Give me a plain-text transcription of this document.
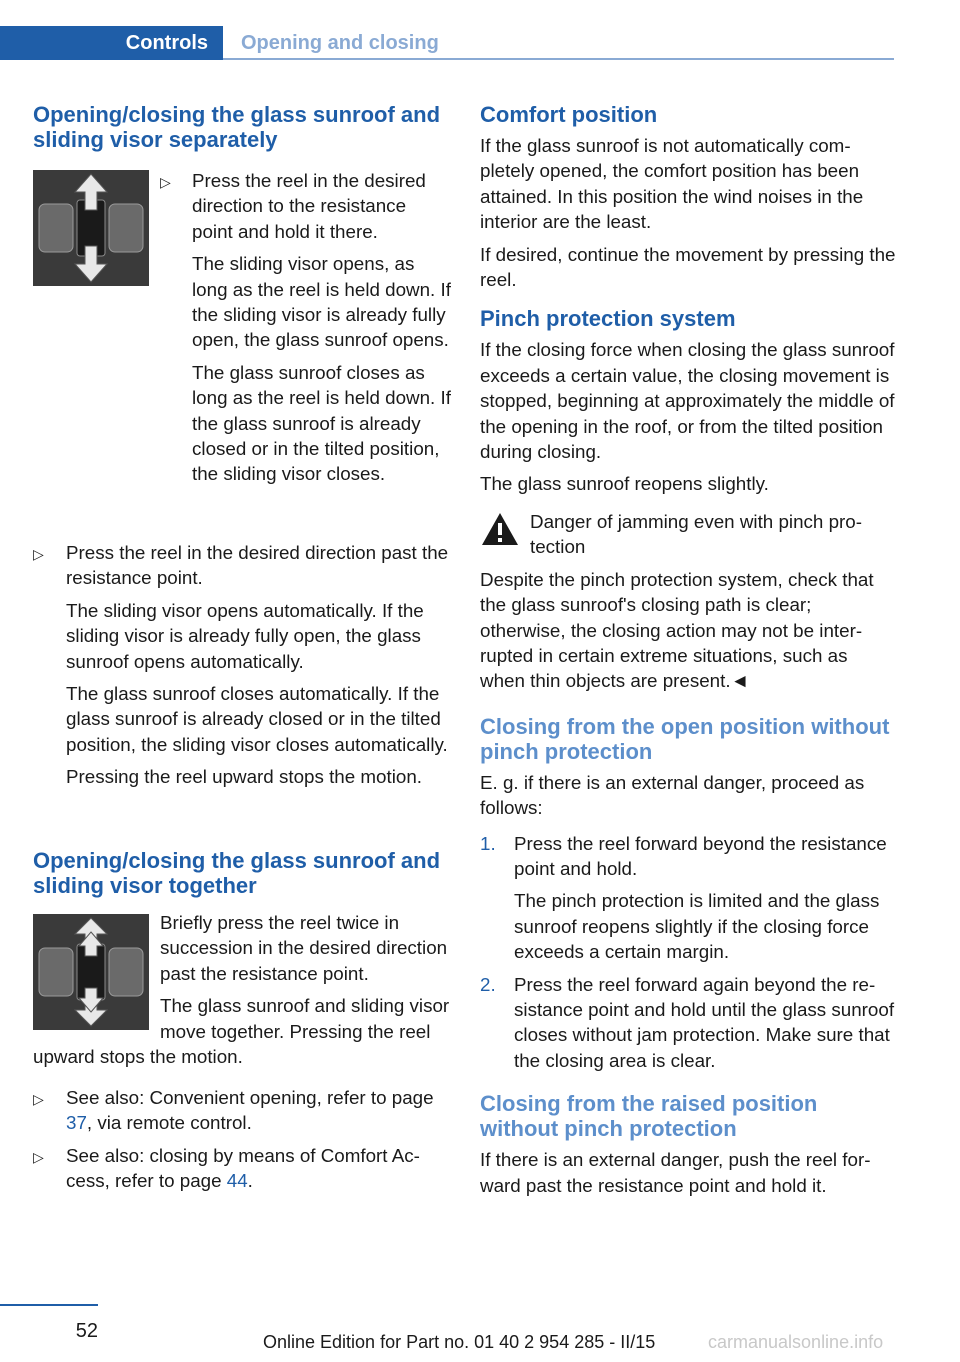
Controls	Opening and closing
Opening/closing the glass sunroof and sliding visor separately
▷ Press the reel in the desired direction to the resistance point and hold it there.

The sliding visor opens, as long as the reel is held down. If the sliding visor is already fully open, the glass sunroof opens.

The glass sunroof closes as long as the reel is held down. If the glass sunroof is already closed or in the tilted position, the sliding visor closes.

▷ Press the reel in the desired direction past the resistance point.

The sliding visor opens automatically. If the sliding visor is already fully open, the glass sunroof opens automatically.

The glass sunroof closes automatically. If the glass sunroof is already closed or in the tilted position, the sliding visor closes automatically.

Pressing the reel upward stops the motion.

Opening/closing the glass sunroof and sliding visor together

Briefly press the reel twice in succession in the desired direction past the resistance point.

The glass sunroof and sliding visor move together. Pressing the reel upward stops the motion.

▷ See also: Convenient opening, refer to page 37, via remote control.
▷ See also: closing by means of Comfort Access, refer to page 44.
Comfort position

If the glass sunroof is not automatically completely opened, the comfort position has been attained. In this position the wind noises in the interior are the least.

If desired, continue the movement by pressing the reel.

Pinch protection system

If the closing force when closing the glass sunroof exceeds a certain value, the closing movement is stopped, beginning at approximately the middle of the opening in the roof, or from the tilted position during closing.

The glass sunroof reopens slightly.

Danger of jamming even with pinch protection

Despite the pinch protection system, check that the glass sunroof's closing path is clear; otherwise, the closing action may not be interrupted in certain extreme situations, such as when thin objects are present.◄

Closing from the open position without pinch protection

E. g. if there is an external danger, proceed as follows:

1. Press the reel forward beyond the resistance point and hold.

The pinch protection is limited and the glass sunroof reopens slightly if the closing force exceeds a certain margin.

2. Press the reel forward again beyond the resistance point and hold until the glass sunroof closes without jam protection. Make sure that the closing area is clear.

Closing from the raised position without pinch protection

If there is an external danger, push the reel forward past the resistance point and hold it.

52	Online Edition for Part no. 01 40 2 954 285 - II/15	carmanualsonline.info
